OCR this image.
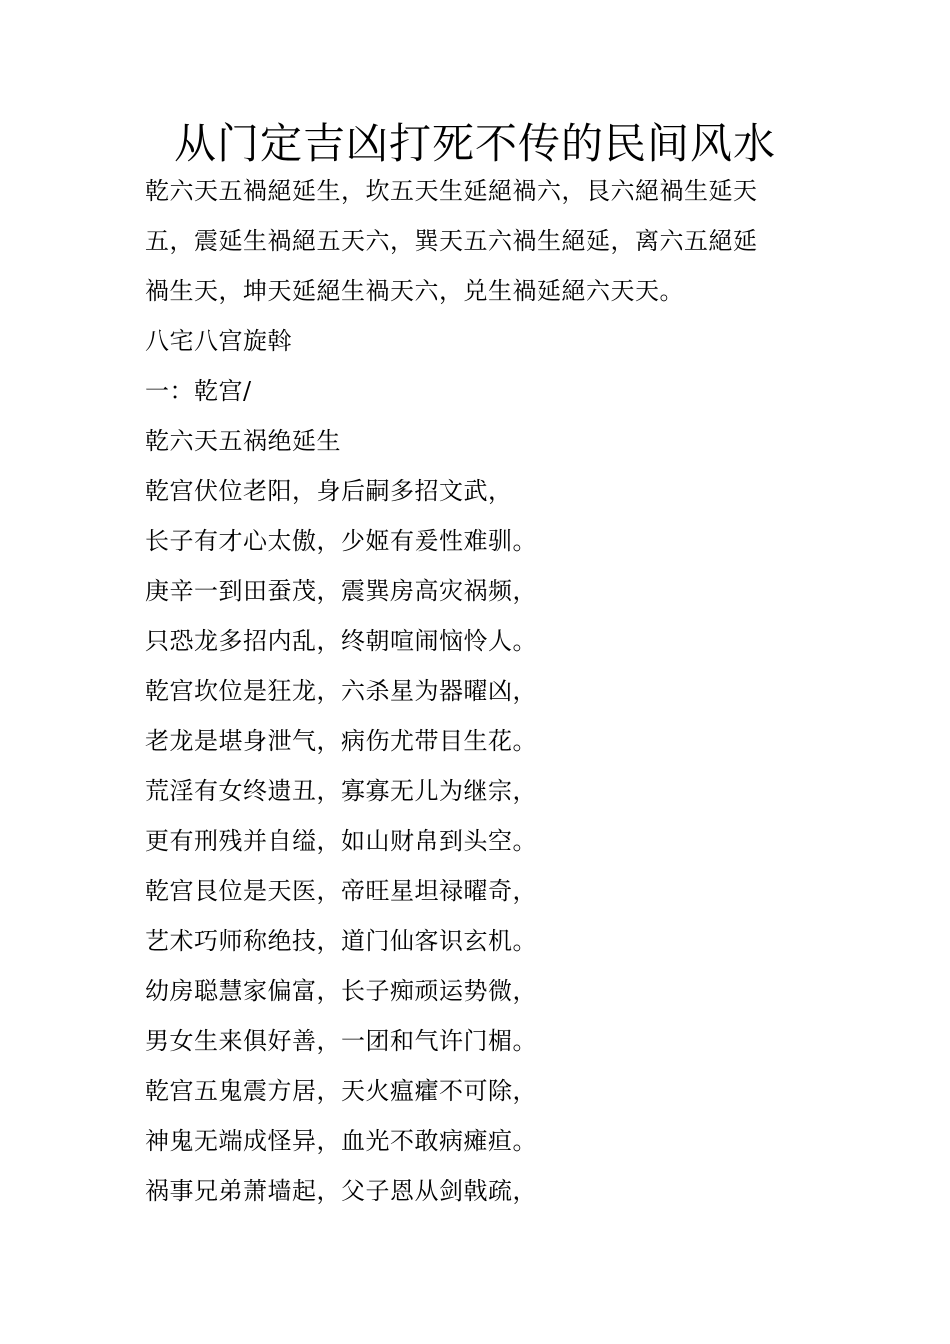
从门定吉凶打死不传的民间风水
乾六天五禍絕延生，坎五天生延絕禍六，艮六絕禍生延天
五，震延生禍絕五天六，巽天五六禍生絕延，离六五絕延
禍生天，坤天延絕生禍天六，兑生禍延絕六天天。
八宅八宫旋斡
一：乾宫/
乾六天五祸绝延生
乾宫伏位老阳，身后嗣多招文武，
长子有才心太傲，少姬有爰性难驯。
庚辛一到田蚕茂，震巽房高灾祸频，
只恐龙多招内乱，终朝喧闹恼怜人。
乾宫坎位是狂龙，六杀星为器曜凶，
老龙是堪身泄气，病伤尤带目生花。
荒淫有女终遗丑，寡寡无儿为继宗，
更有刑残并自缢，如山财帛到头空。
乾宫艮位是天医，帝旺星坦禄曜奇，
艺术巧师称绝技，道门仙客识玄机。
幼房聪慧家偏富，长子痴顽运势微，
男女生来俱好善，一团和气许门楣。
乾宫五鬼震方居，天火瘟癨不可除，
神鬼无端成怪异，血光不敢病瘫疸。
祸事兄弟萧墙起，父子恩从剑戟疏，
